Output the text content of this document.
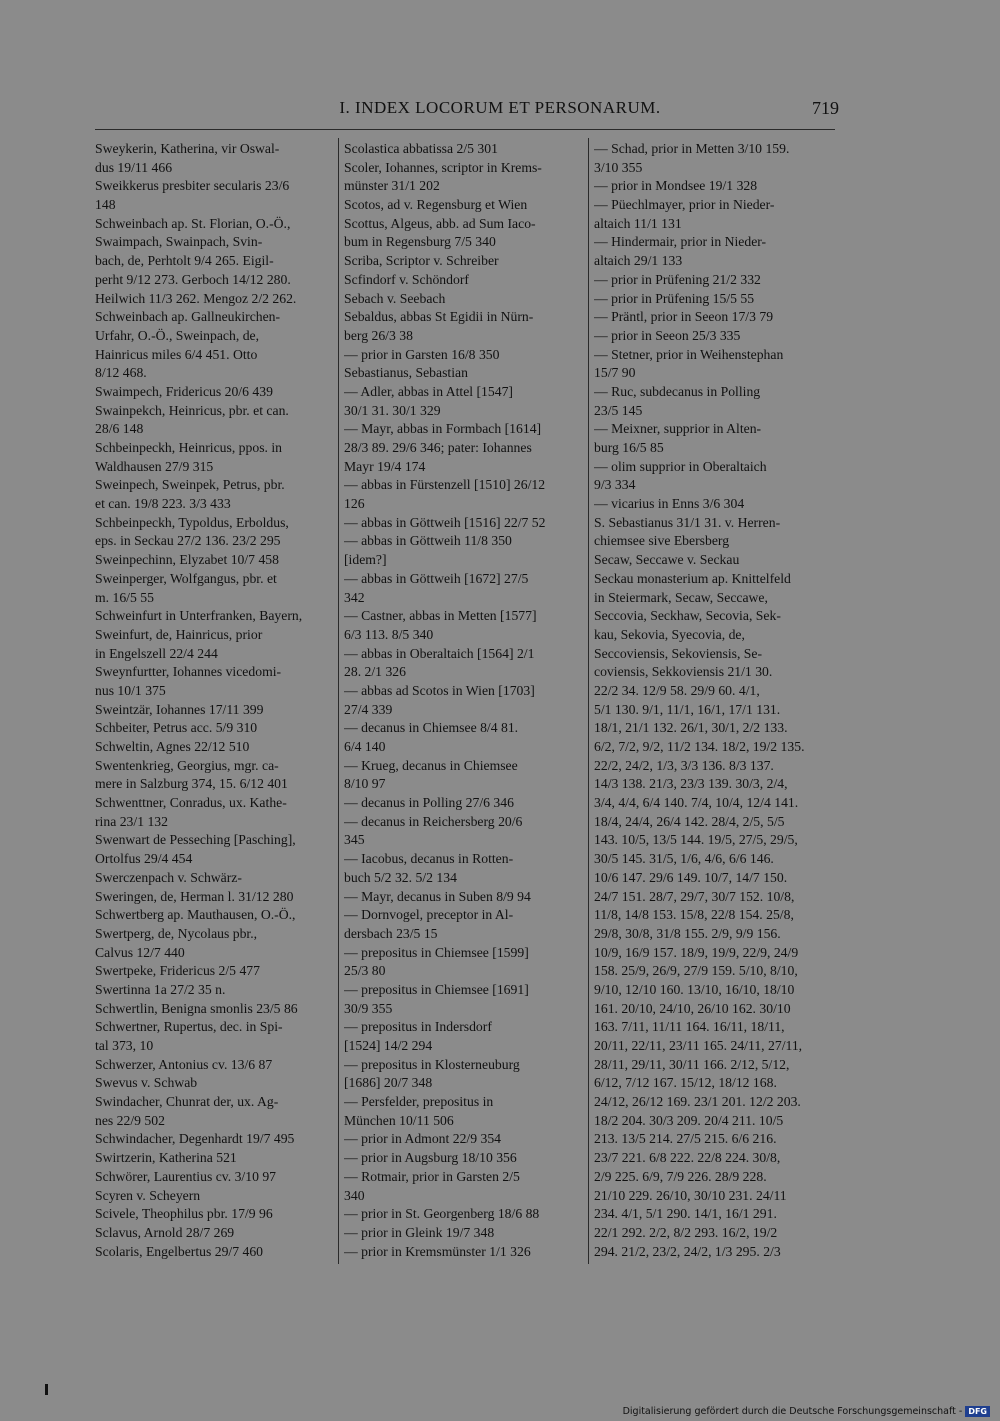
I. INDEX LOCORUM ET PERSONARUM.	719
Sweykerin, Katherina, vir Oswal-
dus 19/11 466
Sweikkerus presbiter secularis 23/6
148
Schweinbach ap. St. Florian, O.-Ö.,
Swaimpach, Swainpach, Svin-
bach, de, Perhtolt 9/4 265. Eigil-
perht 9/12 273. Gerboch 14/12 280.
Heilwich 11/3 262. Mengoz 2/2 262.
Schweinbach ap. Gallneukirchen-
Urfahr, O.-Ö., Sweinpach, de,
Hainricus miles 6/4 451. Otto
8/12 468.
Swaimpech, Fridericus 20/6 439
Swainpekch, Heinricus, pbr. et can.
28/6 148
Schbeinpeckh, Heinricus, ppos. in
Waldhausen 27/9 315
Sweinpech, Sweinpek, Petrus, pbr.
et can. 19/8 223. 3/3 433
Schbeinpeckh, Typoldus, Erboldus,
eps. in Seckau 27/2 136. 23/2 295
Sweinpechinn, Elyzabet 10/7 458
Sweinperger, Wolfgangus, pbr. et
m. 16/5 55
Schweinfurt in Unterfranken, Bayern,
Sweinfurt, de, Hainricus, prior
in Engelszell 22/4 244
Sweynfurtter, Iohannes vicedomi-
nus 10/1 375
Sweintzär, Iohannes 17/11 399
Schbeiter, Petrus acc. 5/9 310
Schweltin, Agnes 22/12 510
Swentenkrieg, Georgius, mgr. ca-
mere in Salzburg 374, 15. 6/12 401
Schwenttner, Conradus, ux. Kathe-
rina 23/1 132
Swenwart de Pesseching [Pasching],
Ortolfus 29/4 454
Swerczenpach v. Schwärz-
Sweringen, de, Herman l. 31/12 280
Schwertberg ap. Mauthausen, O.-Ö.,
Swertperg, de, Nycolaus pbr.,
Calvus 12/7 440
Swertpeke, Fridericus 2/5 477
Swertinna 1a 27/2 35 n.
Schwertlin, Benigna smonlis 23/5 86
Schwertner, Rupertus, dec. in Spi-
tal 373, 10
Schwerzer, Antonius cv. 13/6 87
Swevus v. Schwab
Swindacher, Chunrat der, ux. Ag-
nes 22/9 502
Schwindacher, Degenhardt 19/7 495
Swirtzerin, Katherina 521
Schwörer, Laurentius cv. 3/10 97
Scyren v. Scheyern
Scivele, Theophilus pbr. 17/9 96
Sclavus, Arnold 28/7 269
Scolaris, Engelbertus 29/7 460
Scolastica abbatissa 2/5 301
Scoler, Iohannes, scriptor in Krems-
münster 31/1 202
Scotos, ad v. Regensburg et Wien
Scottus, Algeus, abb. ad Sum Iaco-
bum in Regensburg 7/5 340
Scriba, Scriptor v. Schreiber
Scfindorf v. Schöndorf
Sebach v. Seebach
Sebaldus, abbas St Egidii in Nürn-
berg 26/3 38
— prior in Garsten 16/8 350
Sebastianus, Sebastian
— Adler, abbas in Attel [1547]
30/1 31. 30/1 329
— Mayr, abbas in Formbach [1614]
28/3 89. 29/6 346; pater: Iohannes
Mayr 19/4 174
— abbas in Fürstenzell [1510] 26/12
126
— abbas in Göttweih [1516] 22/7 52
— abbas in Göttweih 11/8 350
[idem?]
— abbas in Göttweih [1672] 27/5
342
— Castner, abbas in Metten [1577]
6/3 113. 8/5 340
— abbas in Oberaltaich [1564] 2/1
28. 2/1 326
— abbas ad Scotos in Wien [1703]
27/4 339
— decanus in Chiemsee 8/4 81.
6/4 140
— Krueg, decanus in Chiemsee
8/10 97
— decanus in Polling 27/6 346
— decanus in Reichersberg 20/6
345
— Iacobus, decanus in Rotten-
buch 5/2 32. 5/2 134
— Mayr, decanus in Suben 8/9 94
— Dornvogel, preceptor in Al-
dersbach 23/5 15
— prepositus in Chiemsee [1599]
25/3 80
— prepositus in Chiemsee [1691]
30/9 355
— prepositus in Indersdorf
[1524] 14/2 294
— prepositus in Klosterneuburg
[1686] 20/7 348
— Persfelder, prepositus in
München 10/11 506
— prior in Admont 22/9 354
— prior in Augsburg 18/10 356
— Rotmair, prior in Garsten 2/5
340
— prior in St. Georgenberg 18/6 88
— prior in Gleink 19/7 348
— prior in Kremsmünster 1/1 326
— Schad, prior in Metten 3/10 159.
3/10 355
— prior in Mondsee 19/1 328
— Püechlmayer, prior in Nieder-
altaich 11/1 131
— Hindermair, prior in Nieder-
altaich 29/1 133
— prior in Prüfening 21/2 332
— prior in Prüfening 15/5 55
— Präntl, prior in Seeon 17/3 79
— prior in Seeon 25/3 335
— Stetner, prior in Weihenstephan
15/7 90
— Ruc, subdecanus in Polling
23/5 145
— Meixner, supprior in Alten-
burg 16/5 85
— olim supprior in Oberaltaich
9/3 334
— vicarius in Enns 3/6 304
S. Sebastianus 31/1 31. v. Herren-
chiemsee sive Ebersberg
Secaw, Seccawe v. Seckau
Seckau monasterium ap. Knittelfeld
in Steiermark, Secaw, Seccawe,
Seccovia, Seckhaw, Secovia, Sek-
kau, Sekovia, Syecovia, de,
Seccoviensis, Sekoviensis, Se-
coviensis, Sekkoviensis 21/1 30.
22/2 34. 12/9 58. 29/9 60. 4/1,
5/1 130. 9/1, 11/1, 16/1, 17/1 131.
18/1, 21/1 132. 26/1, 30/1, 2/2 133.
6/2, 7/2, 9/2, 11/2 134. 18/2, 19/2 135.
22/2, 24/2, 1/3, 3/3 136. 8/3 137.
14/3 138. 21/3, 23/3 139. 30/3, 2/4,
3/4, 4/4, 6/4 140. 7/4, 10/4, 12/4 141.
18/4, 24/4, 26/4 142. 28/4, 2/5, 5/5
143. 10/5, 13/5 144. 19/5, 27/5, 29/5,
30/5 145. 31/5, 1/6, 4/6, 6/6 146.
10/6 147. 29/6 149. 10/7, 14/7 150.
24/7 151. 28/7, 29/7, 30/7 152. 10/8,
11/8, 14/8 153. 15/8, 22/8 154. 25/8,
29/8, 30/8, 31/8 155. 2/9, 9/9 156.
10/9, 16/9 157. 18/9, 19/9, 22/9, 24/9
158. 25/9, 26/9, 27/9 159. 5/10, 8/10,
9/10, 12/10 160. 13/10, 16/10, 18/10
161. 20/10, 24/10, 26/10 162. 30/10
163. 7/11, 11/11 164. 16/11, 18/11,
20/11, 22/11, 23/11 165. 24/11, 27/11,
28/11, 29/11, 30/11 166. 2/12, 5/12,
6/12, 7/12 167. 15/12, 18/12 168.
24/12, 26/12 169. 23/1 201. 12/2 203.
18/2 204. 30/3 209. 20/4 211. 10/5
213. 13/5 214. 27/5 215. 6/6 216.
23/7 221. 6/8 222. 22/8 224. 30/8,
2/9 225. 6/9, 7/9 226. 28/9 228.
21/10 229. 26/10, 30/10 231. 24/11
234. 4/1, 5/1 290. 14/1, 16/1 291.
22/1 292. 2/2, 8/2 293. 16/2, 19/2
294. 21/2, 23/2, 24/2, 1/3 295. 2/3
Digitalisierung gefördert durch die Deutsche Forschungsgemeinschaft - DFG
